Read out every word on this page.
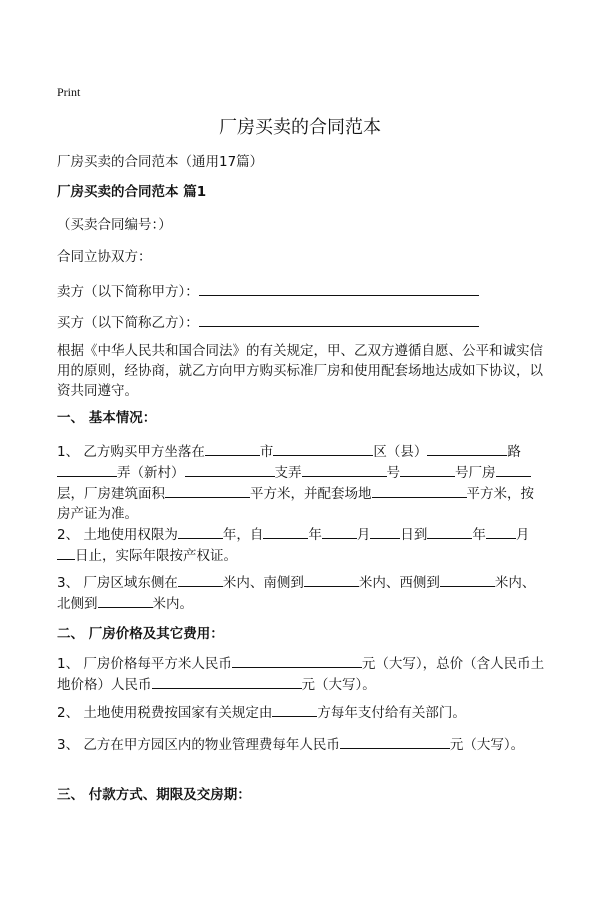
Print
厂房买卖的合同范本
厂房买卖的合同范本（通用17篇）
厂房买卖的合同范本 篇1
（买卖合同编号：）
合同立协双方：
卖方（以下简称甲方）：
买方（以下简称乙方）：
根据《中华人民共和国合同法》的有关规定，甲、乙双方遵循自愿、公平和诚实信用的原则，经协商，就乙方向甲方购买标准厂房和使用配套场地达成如下协议，以资共同遵守。
一、 基本情况：
1、 乙方购买甲方坐落在	市	区（县）	路
弄（新村）	支弄	号	号厂房
层，厂房建筑面积	平方米，并配套场地	平方米，按房产证为准。
2、 土地使用权限为	年，自	年	月 日到	年 月
日止，实际年限按产权证。
3、 厂房区域东侧在	米内、南侧到	米内、西侧到	米内、北侧到	米内。
二、 厂房价格及其它费用：
1、 厂房价格每平方米人民币	元（大写），总价（含人民币土地价格）人民币	元（大写）。
2、 土地使用税费按国家有关规定由	方每年支付给有关部门。
3、 乙方在甲方园区内的物业管理费每年人民币	元（大写）。
三、 付款方式、期限及交房期：
